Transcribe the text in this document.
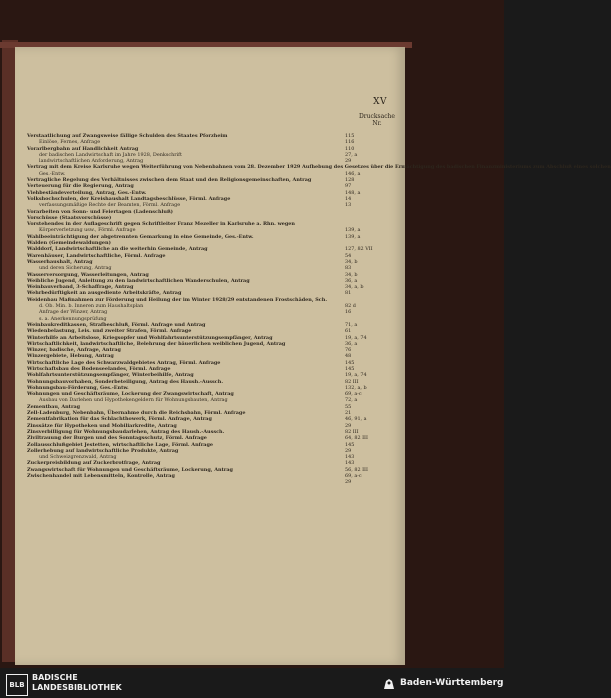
XV
Drucksache Nr.
Verstaatlichung auf Zwangsweise fällige Schulden des Staates Pforzheim	115
Einlöse, Fernes, Anfrage	116
Vorarlbergbahn auf Handlichkeit Antrag	110
der badischen Landwirtschaft im Jahre 1928, Denkschrift	27, a
landwirtschaftlichen Anforderung, Antrag	29
Vertrag mit dem Kreise Karlsruhe wegen Weiterführung von Nebenbahnen vom 28. Dezember 1929 Aufhebung des Gesetzes über die Ermächtigung des badischen Finanzministeriums zum Abschluß eines solchen
Ges.-Entw.	146, a
Vertragliche Regelung des Verhältnisses zwischen dem Staat und den Religionsgemeinschaften, Antrag	128
Verteuerung für die Regierung, Antrag	97
Viehbeständeverteilung, Antrag, Ges.-Entw.	148, a
Volkshochschulen, der Kreishaushalt Landtagsbeschlüsse, Förml. Anfrage	14
verfassungsmäßige Rechte der Beamten, Förml. Anfrage	13
Vorarbeiten von Sonn- und Feiertagen (Ladenschluß)
Vorschüsse (Staatsvorschüsse)
Vorstehendes in der Auflageschrift gegen Schriftleiter Franz Mezeller in Karlsruhe a. Rhn. wegen
Körperverletzung usw., Förml. Anfrage	139, a
Wahlbeeinträchtigung der abgetrennten Gemarkung in eine Gemeinde, Ges.-Entw.	139, a
Walden (Gemeindewaldungen)
Walddorf, Landwirtschaftliche an die weiterhin Gemeinde, Antrag	127, 82 VII
Warenhäuser, Landwirtschaftliche, Förml. Anfrage	54
Wasserhaushalt, Antrag	34, b
und deren Sicherung, Antrag	83
Wasserversorgung, Wasserleitungen, Antrag	34, b
Weibliche Jugend, Anleitung zu den landwirtschaftlichen Wanderschulen, Antrag	36, a
Weinbauverband, 3-Schaffrage, Antrag	34, a, b
Wehrbedürftigkeit an ausgediente Arbeitskräfte, Antrag	81
Weidenbau Maßnahmen zur Förderung und Heilung der im Winter 1928/29 entstandenen Frostschäden, Sch.
d. Ob. Min. b. Inneren zum Haushaltsplan	82 d
Anfrage der Winzer, Antrag	16
s. a. Anerkennungsprüfung
Weinbaukreditkassen, Strafbeschluß, Förml. Anfrage und Antrag	71, a
Wiedenbelastung, Leis. und zweiter Strafen, Förml. Anfrage	61
Winterhilfe an Arbeitslose, Kriegsopfer und Wohlfahrtsunterstützungsempfänger, Antrag	19, a, 74
Wirtschaftlichkeit, landwirtschaftliche, Belehrung der bäuerlichen weiblichen Jugend, Antrag	36, a
Winzer, badische, Anfrage, Antrag	76
Winzergebiete, Hebung, Antrag	48
Wirtschaftliche Lage des Schwarzwaldgebietes Antrag, Förml. Anfrage	145
Wirtschaftsbau des Bodenseelandes, Förml. Anfrage	145
Wohlfahrtsunterstützungsempfänger, Winterbeihilfe, Antrag	19, a, 74
Wohnungsbauvorhaben, Sonderbeteiligung, Antrag des Haush.-Aussch.	82 III
Wohnungsbau-Förderung, Ges.-Entw.	132, a, b
Wohnungen und Geschäftsräume, Lockerung der Zwangswirtschaft, Antrag	69, a-c
Ausbau von Darlehen und Hypothekengeldern für Wohnungsbauten, Antrag	72, a
Zementbau, Antrag	55
Zell-Ladenburg, Nebenbahn, Übernahme durch die Reichsbahn, Förml. Anfrage	21
Zementfabrikation für das Schlachthowerk, Förml. Anfrage, Antrag	46, 91, a
Zinssätze für Hypotheken und Mobiliarkredite, Antrag	29
Zinsverbilligung für Wohnungsbaudarlehen, Antrag des Haush.-Aussch.	82 III
Ziviltrauung der Burgen und des Sonntagsschutz, Förml. Anfrage	64, 82 III
Zollausschlußgebiet Jestetten, wirtschaftliche Lage, Förml. Anfrage	145
Zollerhebung auf landwirtschaftliche Produkte, Antrag	29
und Schweizgrenzwald, Antrag	143
Zuckerpreisbildung auf Zuckerbrotfrage, Antrag	143
Zwangswirtschaft für Wohnungen und Geschäftsräume, Lockerung, Antrag	56, 82 III
Zwischenhandel mit Lebensmitteln, Kontrolle, Antrag	69, a-c
29
BLB
BADISCHE
LANDESBIBLIOTHEK	Baden-Württemberg
